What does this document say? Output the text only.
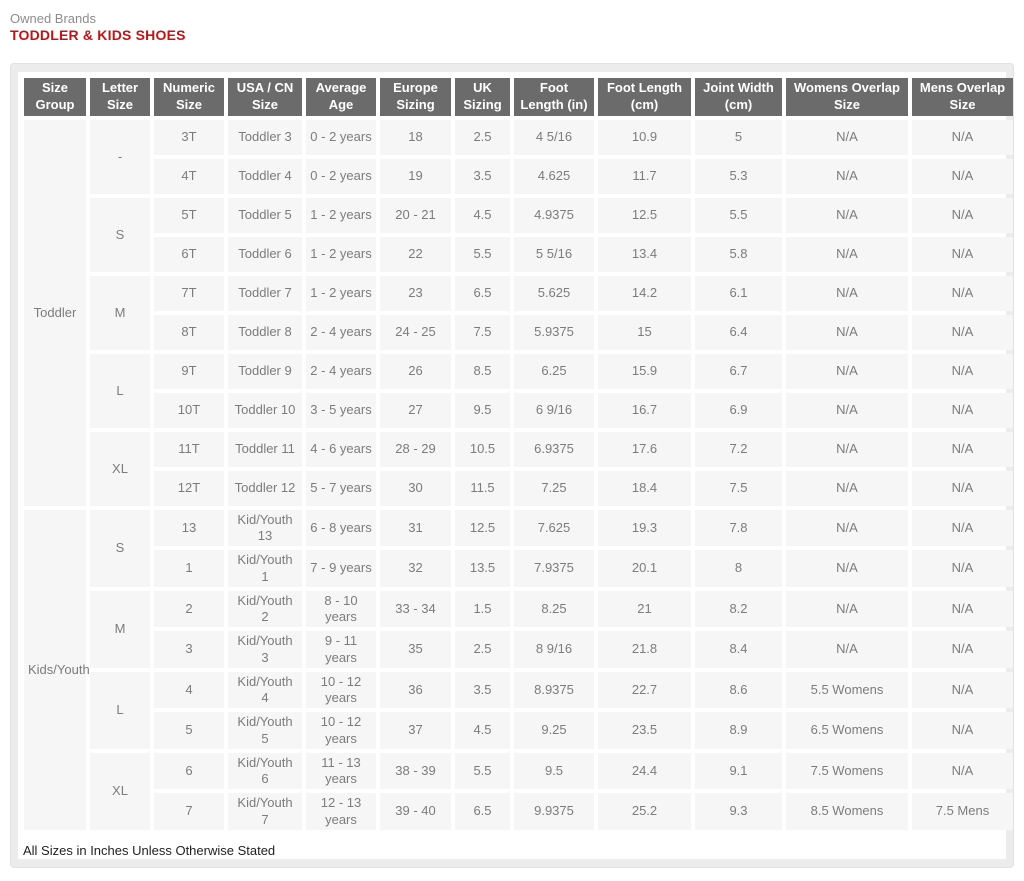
Owned Brands
TODDLER & KIDS SHOES
Size Group	Letter Size	Numeric Size	USA / CN Size	Average Age	Europe Sizing	UK Sizing	Foot Length (in)	Foot Length (cm)	Joint Width (cm)	Womens Overlap Size	Mens Overlap Size
Toddler	-	3T	Toddler 3	0 - 2 years	18	2.5	4 5/16	10.9	5	N/A	N/A
		4T	Toddler 4	0 - 2 years	19	3.5	4.625	11.7	5.3	N/A	N/A
	S	5T	Toddler 5	1 - 2 years	20 - 21	4.5	4.9375	12.5	5.5	N/A	N/A
		6T	Toddler 6	1 - 2 years	22	5.5	5 5/16	13.4	5.8	N/A	N/A
	M	7T	Toddler 7	1 - 2 years	23	6.5	5.625	14.2	6.1	N/A	N/A
		8T	Toddler 8	2 - 4 years	24 - 25	7.5	5.9375	15	6.4	N/A	N/A
	L	9T	Toddler 9	2 - 4 years	26	8.5	6.25	15.9	6.7	N/A	N/A
		10T	Toddler 10	3 - 5 years	27	9.5	6 9/16	16.7	6.9	N/A	N/A
	XL	11T	Toddler 11	4 - 6 years	28 - 29	10.5	6.9375	17.6	7.2	N/A	N/A
		12T	Toddler 12	5 - 7 years	30	11.5	7.25	18.4	7.5	N/A	N/A
Kids/Youth	S	13	Kid/Youth 13	6 - 8 years	31	12.5	7.625	19.3	7.8	N/A	N/A
		1	Kid/Youth 1	7 - 9 years	32	13.5	7.9375	20.1	8	N/A	N/A
	M	2	Kid/Youth 2	8 - 10 years	33 - 34	1.5	8.25	21	8.2	N/A	N/A
		3	Kid/Youth 3	9 - 11 years	35	2.5	8 9/16	21.8	8.4	N/A	N/A
	L	4	Kid/Youth 4	10 - 12 years	36	3.5	8.9375	22.7	8.6	5.5 Womens	N/A
		5	Kid/Youth 5	10 - 12 years	37	4.5	9.25	23.5	8.9	6.5 Womens	N/A
	XL	6	Kid/Youth 6	11 - 13 years	38 - 39	5.5	9.5	24.4	9.1	7.5 Womens	N/A
		7	Kid/Youth 7	12 - 13 years	39 - 40	6.5	9.9375	25.2	9.3	8.5 Womens	7.5 Mens
All Sizes in Inches Unless Otherwise Stated
